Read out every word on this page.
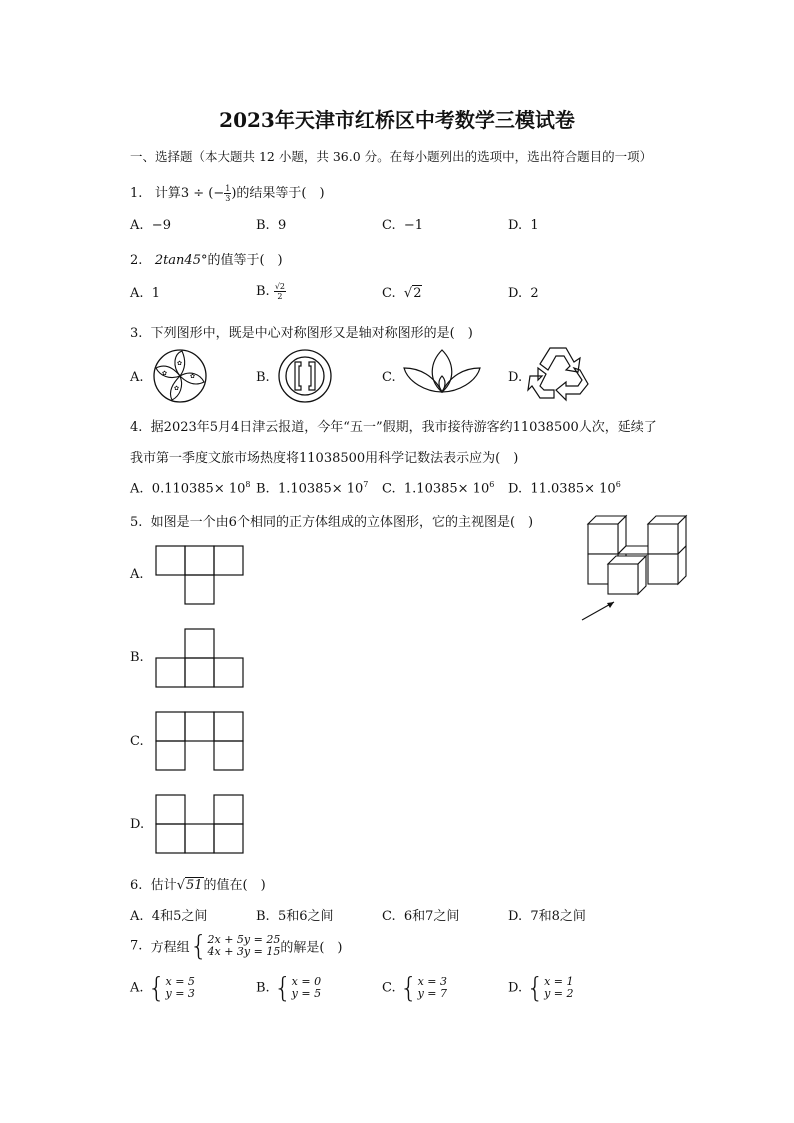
2023年天津市红桥区中考数学三模试卷
一、选择题（本大题共 12 小题，共 36.0 分。在每小题列出的选项中，选出符合题目的一项）
1. 计算3 ÷ (− $\frac{1}{3}$ )的结果等于(　)
A. −9	B. 9	C. −1	D. 1
2. 2tan45°的值等于(　)
A. 1	B. $\frac{√2}{2}$	C.  √2	D. 2
3. 下列图形中，既是中心对称图形又是轴对称图形的是(　)
A.	B.	C.	D.
✿
✿
✿
✿
4. 据2023年5月4日津云报道，今年“五一”假期，我市接待游客约11038500人次，延续了
我市第一季度文旅市场热度将11038500用科学记数法表示应为(　)
A. $0.110385\times 10^8$ B. $1.10385\times 10^7$ C. $1.10385\times 10^6$ D. $11.0385\times 10^6$
5. 如图是一个由6个相同的正方体组成的立体图形，它的主视图是(　)
A.
B.
C.
D.
6. 估计√51的值在(　)
A. 4和5之间	B. 5和6之间	C. 6和7之间	D. 7和8之间
7. 方程组{ 2x + 5y = 25
4x + 3y = 15 的解是(　)
A. { x = 5
y = 3	B. { x = 0
y = 5	C. { x = 3
y = 7	D. { x = 1
y = 2
